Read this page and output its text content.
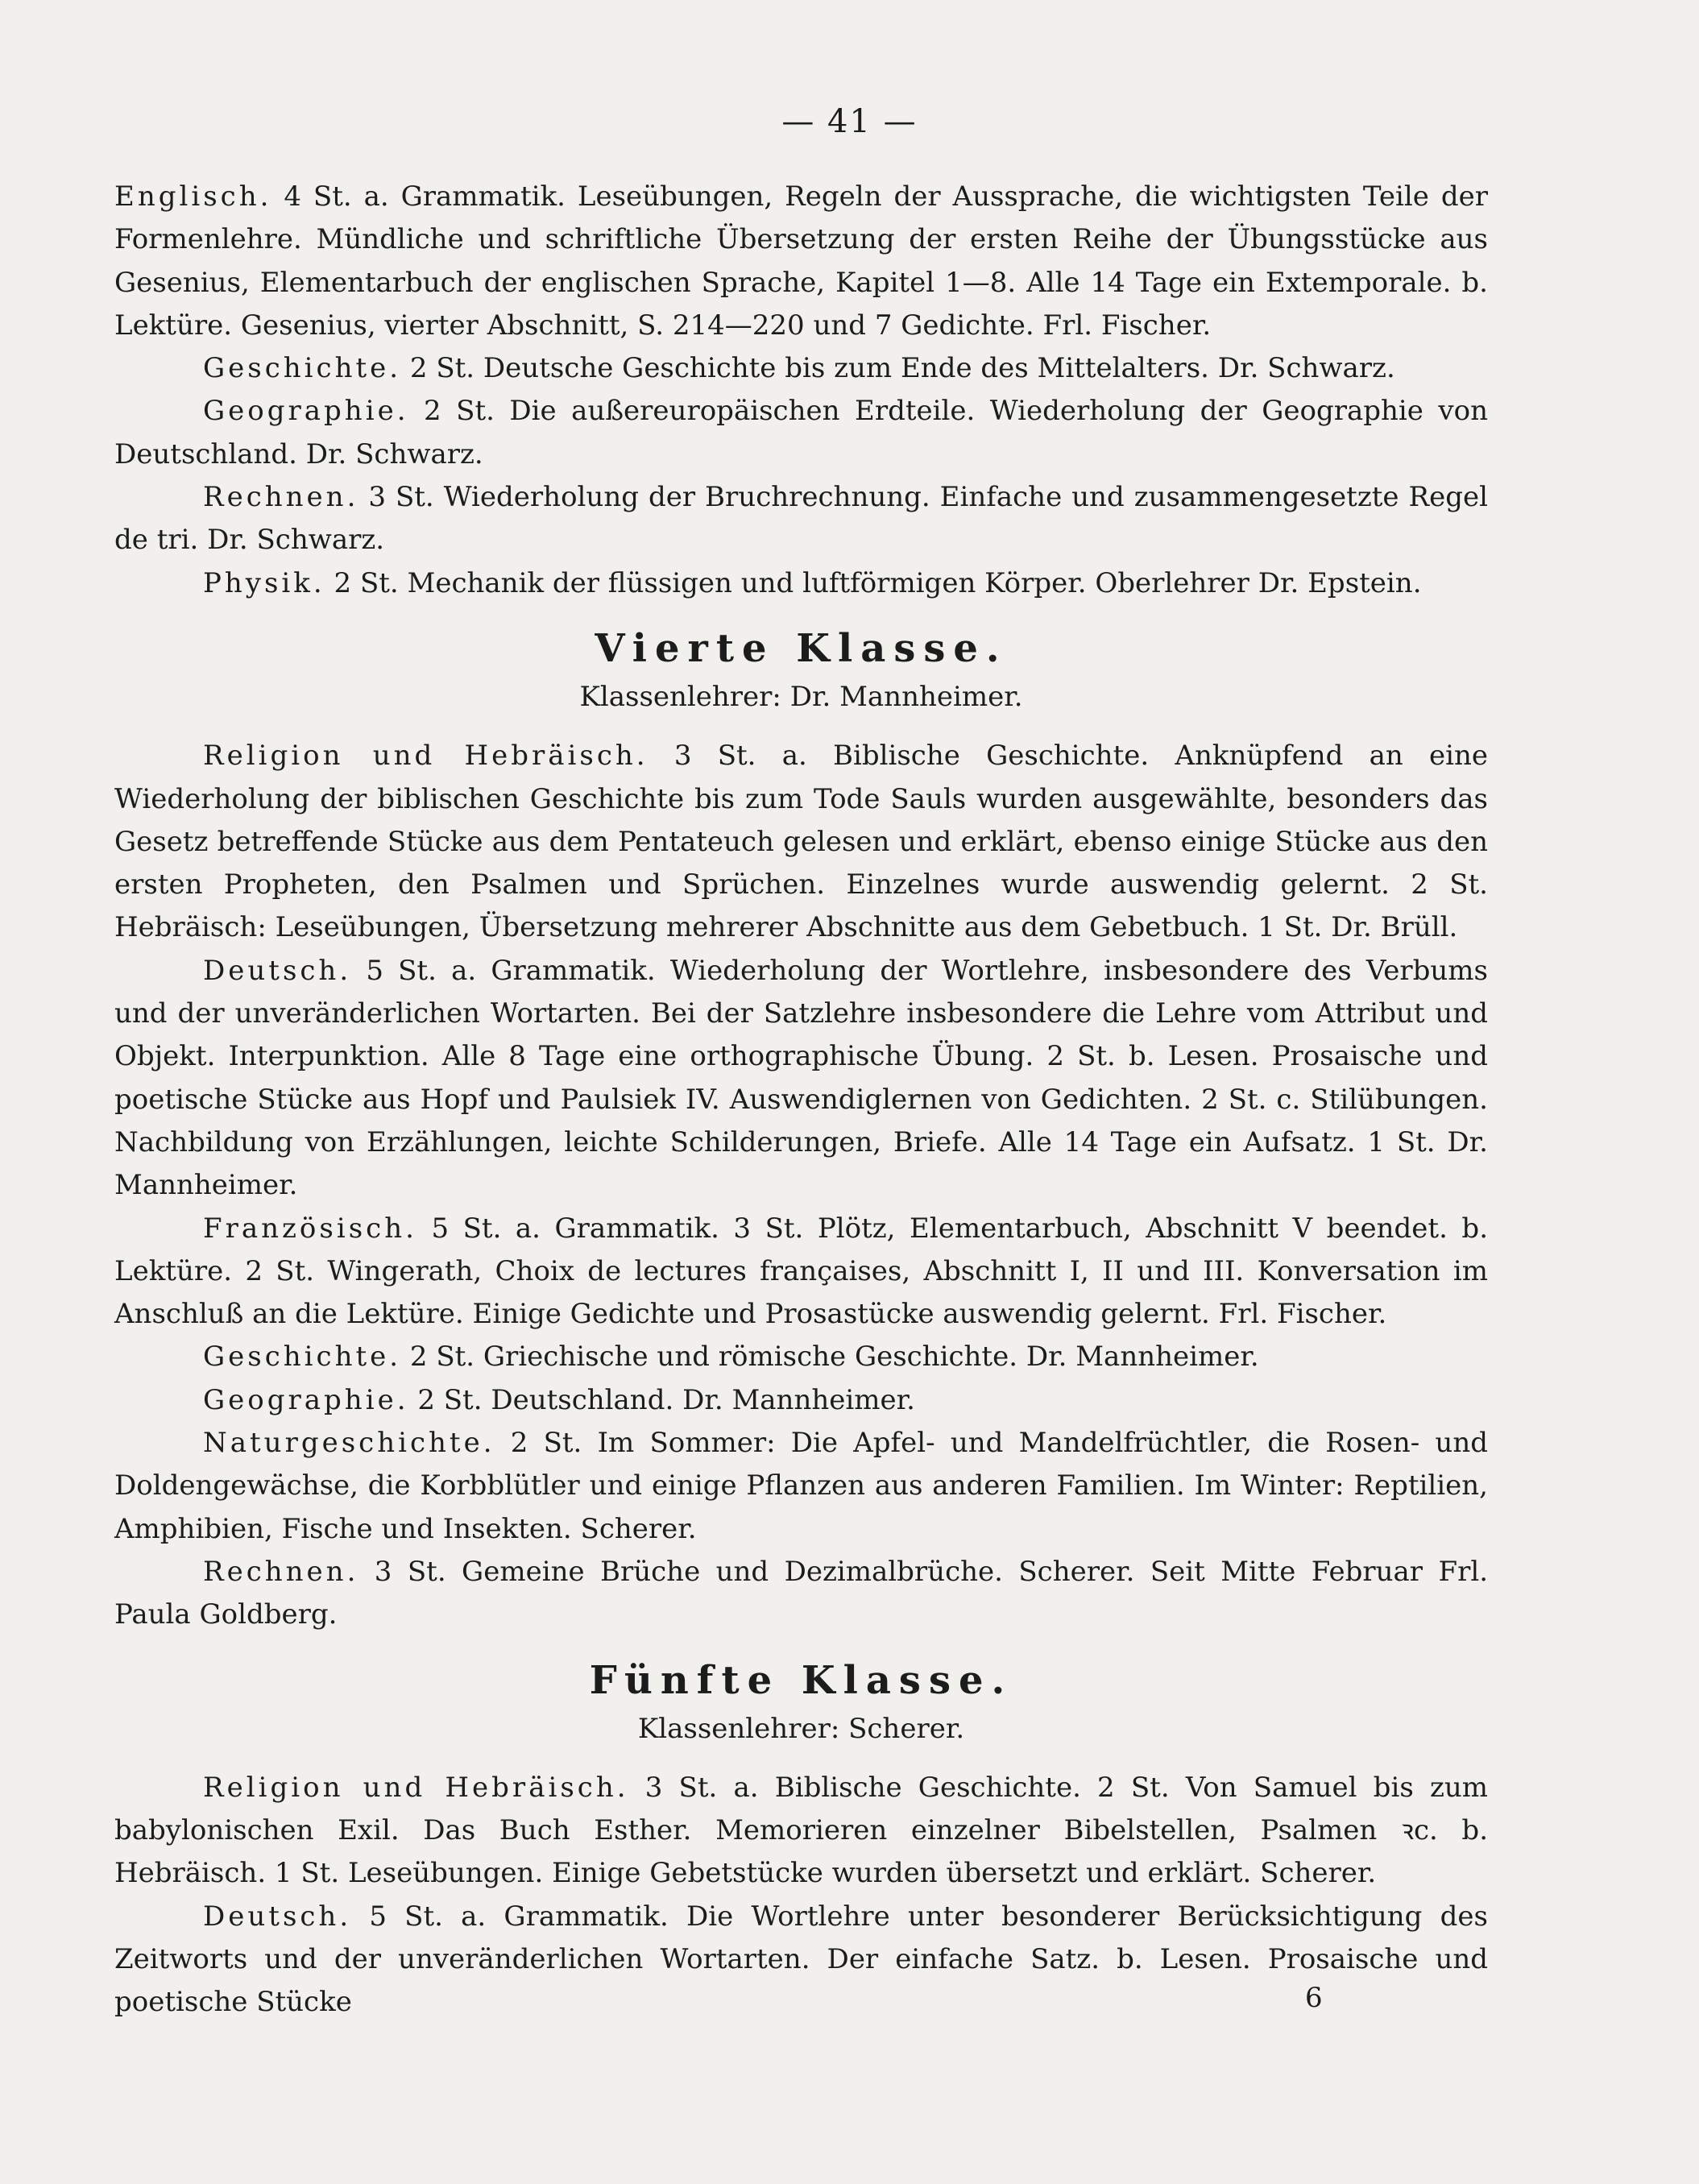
— 41 —

Englisch. 4 St. a. Grammatik. Leseübungen, Regeln der Aussprache, die wichtigsten Teile der Formenlehre. Mündliche und schriftliche Übersetzung der ersten Reihe der Übungsstücke aus Gesenius, Elementarbuch der englischen Sprache, Kapitel 1—8. Alle 14 Tage ein Extemporale. b. Lektüre. Gesenius, vierter Abschnitt, S. 214—220 und 7 Gedichte. Frl. Fischer.

Geschichte. 2 St. Deutsche Geschichte bis zum Ende des Mittelalters. Dr. Schwarz.

Geographie. 2 St. Die außereuropäischen Erdteile. Wiederholung der Geographie von Deutschland. Dr. Schwarz.

Rechnen. 3 St. Wiederholung der Bruchrechnung. Einfache und zusammengesetzte Regel de tri. Dr. Schwarz.

Physik. 2 St. Mechanik der flüssigen und luftförmigen Körper. Oberlehrer Dr. Epstein.

Vierte Klasse.
Klassenlehrer: Dr. Mannheimer.

Religion und Hebräisch. 3 St. a. Biblische Geschichte. Anknüpfend an eine Wiederholung der biblischen Geschichte bis zum Tode Sauls wurden ausgewählte, besonders das Gesetz betreffende Stücke aus dem Pentateuch gelesen und erklärt, ebenso einige Stücke aus den ersten Propheten, den Psalmen und Sprüchen. Einzelnes wurde auswendig gelernt. 2 St. Hebräisch: Leseübungen, Übersetzung mehrerer Abschnitte aus dem Gebetbuch. 1 St. Dr. Brüll.

Deutsch. 5 St. a. Grammatik. Wiederholung der Wortlehre, insbesondere des Verbums und der unveränderlichen Wortarten. Bei der Satzlehre insbesondere die Lehre vom Attribut und Objekt. Interpunktion. Alle 8 Tage eine orthographische Übung. 2 St. b. Lesen. Prosaische und poetische Stücke aus Hopf und Paulsiek IV. Auswendiglernen von Gedichten. 2 St. c. Stilübungen. Nachbildung von Erzählungen, leichte Schilderungen, Briefe. Alle 14 Tage ein Aufsatz. 1 St. Dr. Mannheimer.

Französisch. 5 St. a. Grammatik. 3 St. Plötz, Elementarbuch, Abschnitt V beendet. b. Lektüre. 2 St. Wingerath, Choix de lectures françaises, Abschnitt I, II und III. Konversation im Anschluß an die Lektüre. Einige Gedichte und Prosastücke auswendig gelernt. Frl. Fischer.

Geschichte. 2 St. Griechische und römische Geschichte. Dr. Mannheimer.

Geographie. 2 St. Deutschland. Dr. Mannheimer.

Naturgeschichte. 2 St. Im Sommer: Die Apfel- und Mandelfrüchtler, die Rosen- und Doldengewächse, die Korbblütler und einige Pflanzen aus anderen Familien. Im Winter: Reptilien, Amphibien, Fische und Insekten. Scherer.

Rechnen. 3 St. Gemeine Brüche und Dezimalbrüche. Scherer. Seit Mitte Februar Frl. Paula Goldberg.

Fünfte Klasse.
Klassenlehrer: Scherer.

Religion und Hebräisch. 3 St. a. Biblische Geschichte. 2 St. Von Samuel bis zum babylonischen Exil. Das Buch Esther. Memorieren einzelner Bibelstellen, Psalmen ꝛc. b. Hebräisch. 1 St. Leseübungen. Einige Gebetstücke wurden übersetzt und erklärt. Scherer.

Deutsch. 5 St. a. Grammatik. Die Wortlehre unter besonderer Berücksichtigung des Zeitworts und der unveränderlichen Wortarten. Der einfache Satz. b. Lesen. Prosaische und poetische Stücke	6
